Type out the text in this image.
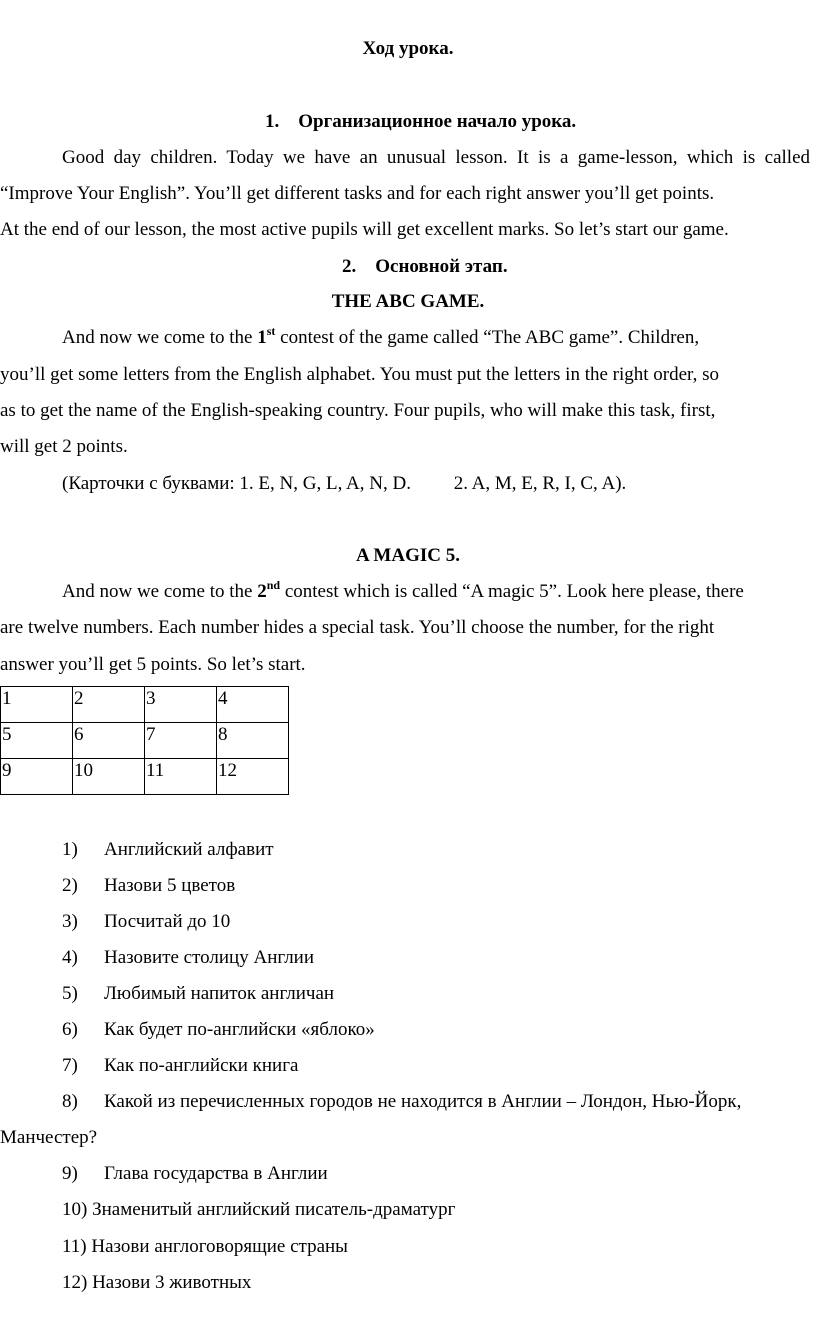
Ход урока.
1. Организационное начало урока.
Good day children. Today we have an unusual lesson. It is a game-lesson, which is called
“Improve Your English”. You’ll get different tasks and for each right answer you’ll get points.
At the end of our lesson, the most active pupils will get excellent marks. So let’s start our game.
2. Основной этап.
THE ABC GAME.
And now we come to the 1st contest of the game called “The ABC game”. Children,
you’ll get some letters from the English alphabet. You must put the letters in the right order, so
as to get the name of the English-speaking country. Four pupils, who will make this task, first,
will get 2 points.
(Карточки с буквами: 1. E, N, G, L, A, N, D.   2. A, M, E, R, I, C, A).
A MAGIC 5.
And now we come to the 2nd contest which is called “A magic 5”. Look here please, there
are twelve numbers. Each number hides a special task. You’ll choose the number, for the right
answer you’ll get 5 points. So let’s start.
1	2	3	4
5	6	7	8
9	10	11	12
1) Английский алфавит
2) Назови 5 цветов
3) Посчитай до 10
4) Назовите столицу Англии
5) Любимый напиток англичан
6) Как будет по-английски «яблоко»
7) Как по-английски книга
8) Какой из перечисленных городов не находится в Англии – Лондон, Нью-Йорк,
Манчестер?
9) Глава государства в Англии
10) Знаменитый английский писатель-драматург
11) Назови англоговорящие страны
12) Назови 3 животных
